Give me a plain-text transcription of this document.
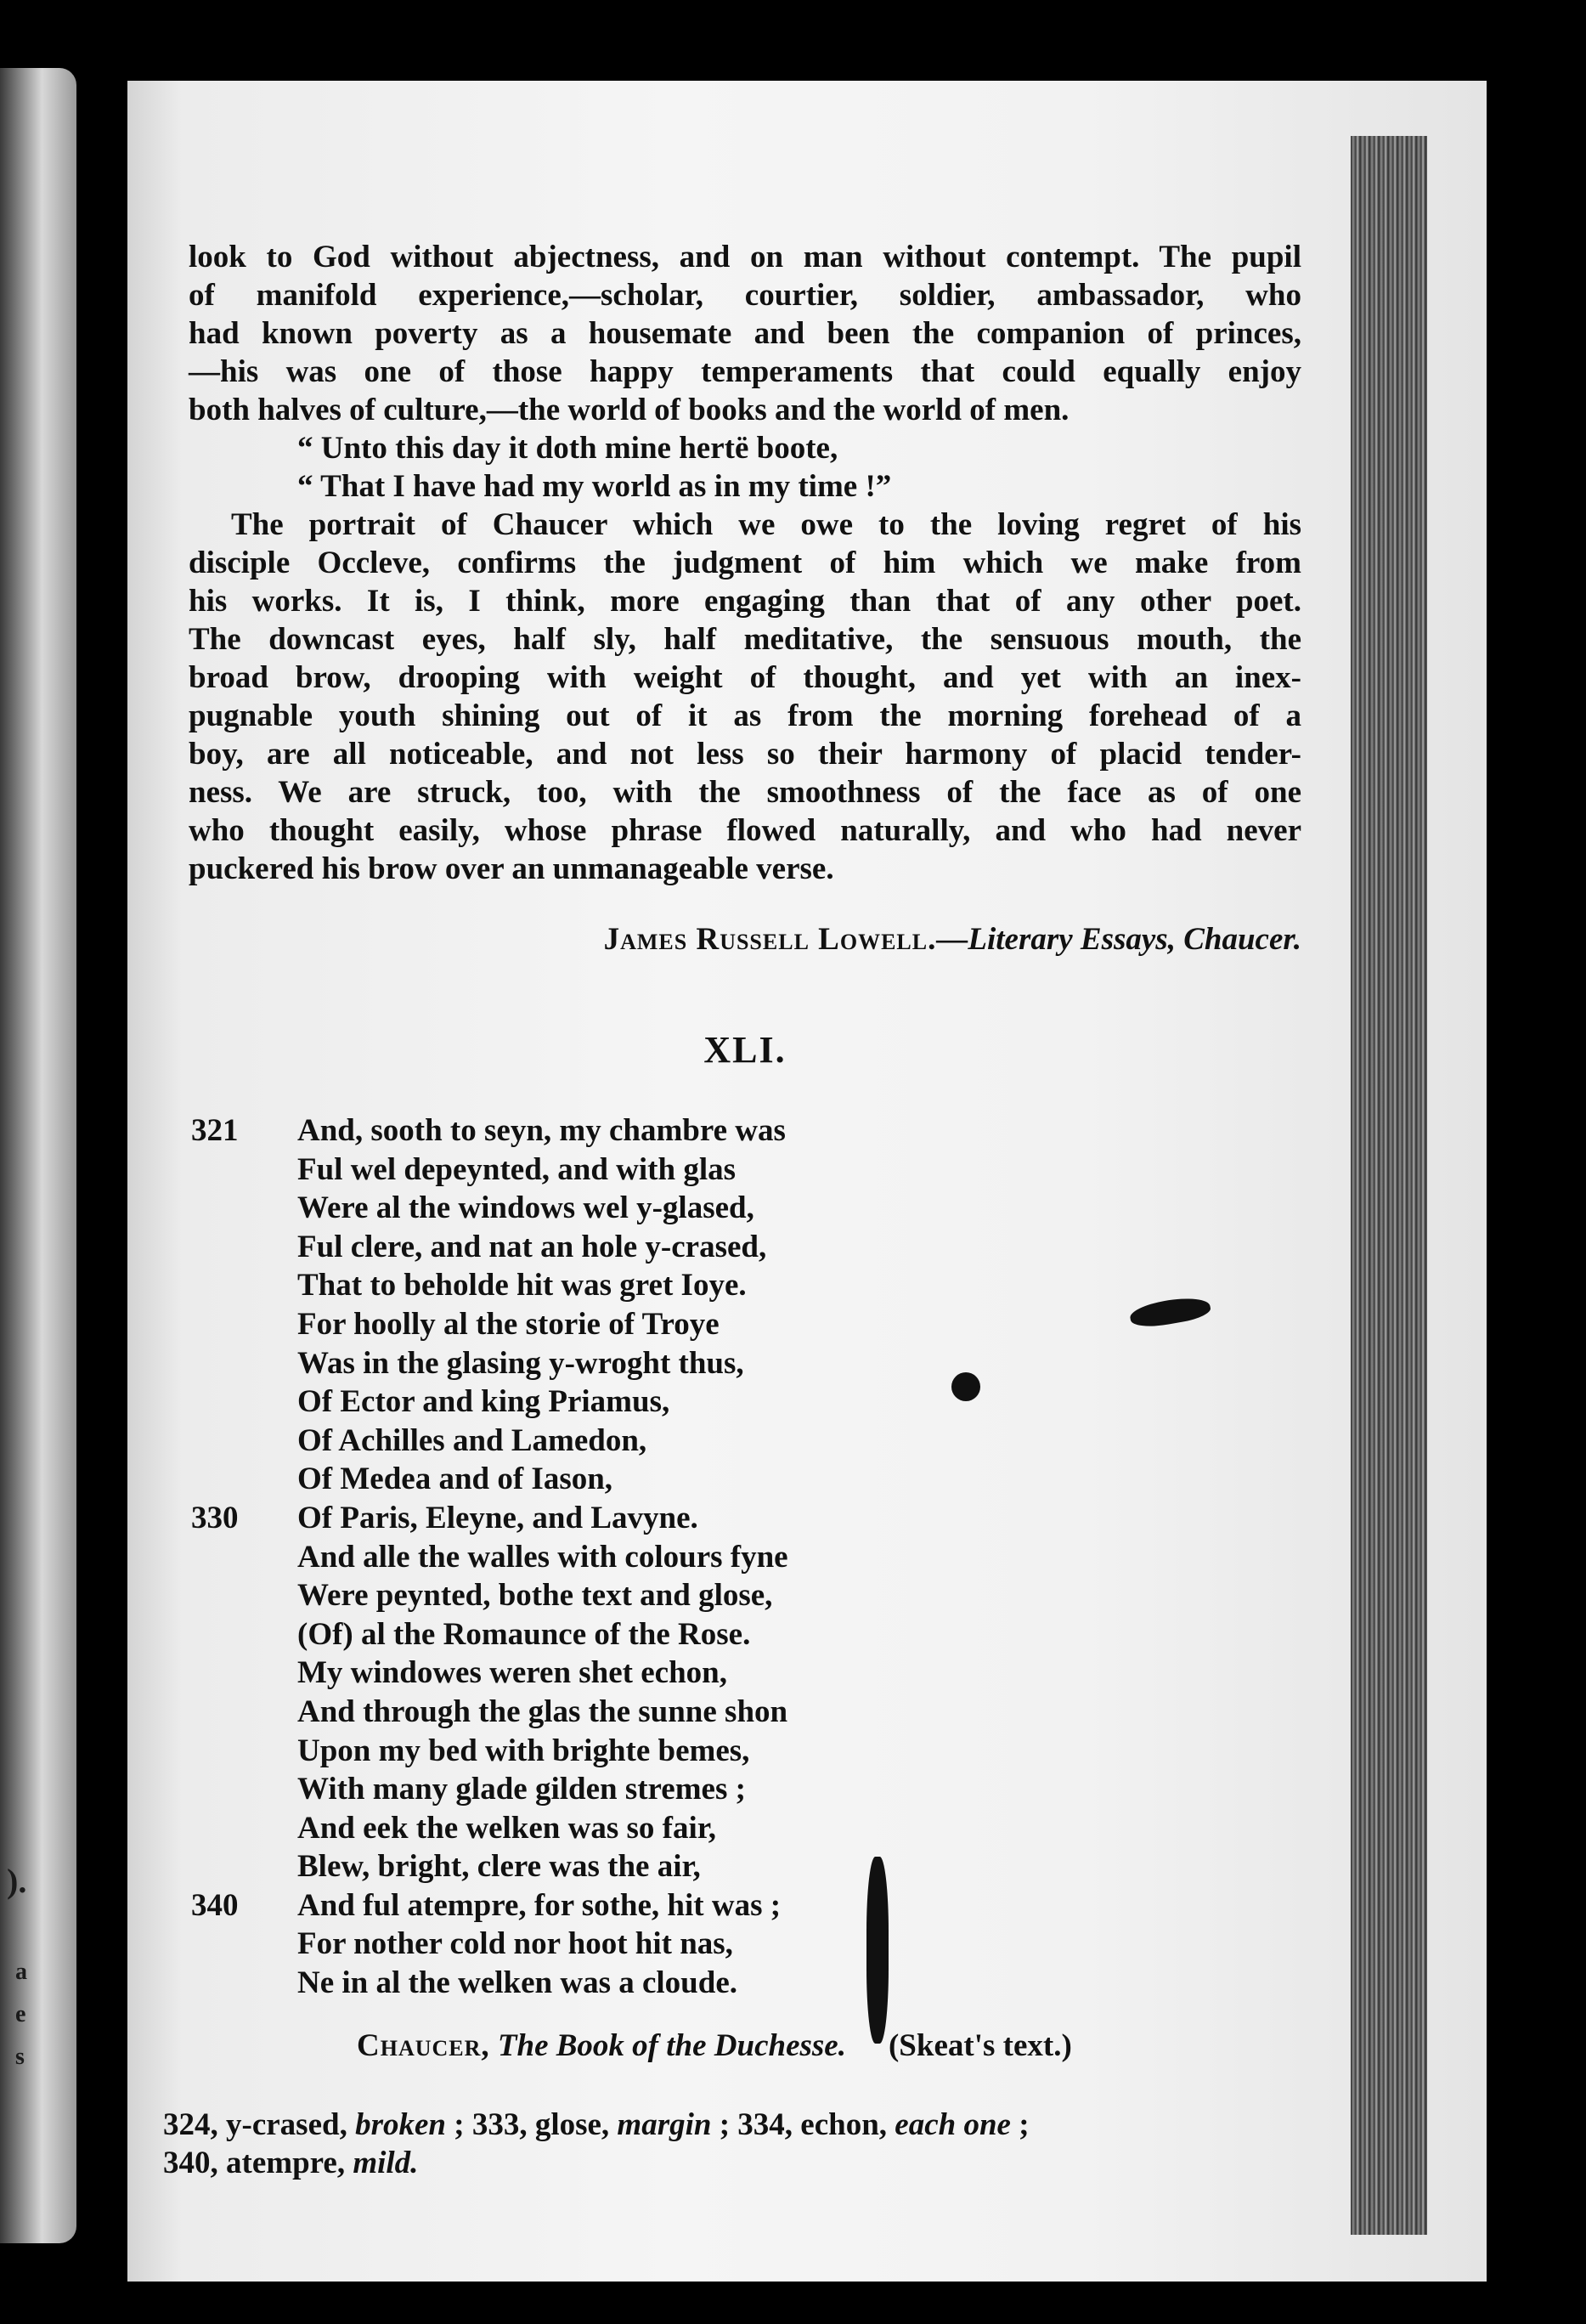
).
a
e
s
look to God without abjectness, and on man without contempt. The pupil
of manifold experience,—scholar, courtier, soldier, ambassador, who
had known poverty as a housemate and been the companion of princes,
—his was one of those happy temperaments that could equally enjoy
both halves of culture,—the world of books and the world of men.
“ Unto this day it doth mine hertë boote,
“ That I have had my world as in my time !”
The portrait of Chaucer which we owe to the loving regret of his
disciple Occleve, confirms the judgment of him which we make from
his works. It is, I think, more engaging than that of any other poet.
The downcast eyes, half sly, half meditative, the sensuous mouth, the
broad brow, drooping with weight of thought, and yet with an inex-
pugnable youth shining out of it as from the morning forehead of a
boy, are all noticeable, and not less so their harmony of placid tender-
ness. We are struck, too, with the smoothness of the face as of one
who thought easily, whose phrase flowed naturally, and who had never
puckered his brow over an unmanageable verse.
James Russell Lowell.—Literary Essays, Chaucer.
XLI.
321	And, sooth to seyn, my chambre was
Ful wel depeynted, and with glas
Were al the windows wel y-glased,
Ful clere, and nat an hole y-crased,
That to beholde hit was gret Ioye.
For hoolly al the storie of Troye
Was in the glasing y-wroght thus,
Of Ector and king Priamus,
Of Achilles and Lamedon,
Of Medea and of Iason,
330	Of Paris, Eleyne, and Lavyne.
And alle the walles with colours fyne
Were peynted, bothe text and glose,
(Of) al the Romaunce of the Rose.
My windowes weren shet echon,
And through the glas the sunne shon
Upon my bed with brighte bemes,
With many glade gilden stremes ;
And eek the welken was so fair,
Blew, bright, clere was the air,
340	And ful atempre, for sothe, hit was ;
For nother cold nor hoot hit nas,
Ne in al the welken was a cloude.
Chaucer, The Book of the Duchesse. (Skeat's text.)
324, y-crased, broken ; 333, glose, margin ; 334, echon, each one ;
340, atempre, mild.
